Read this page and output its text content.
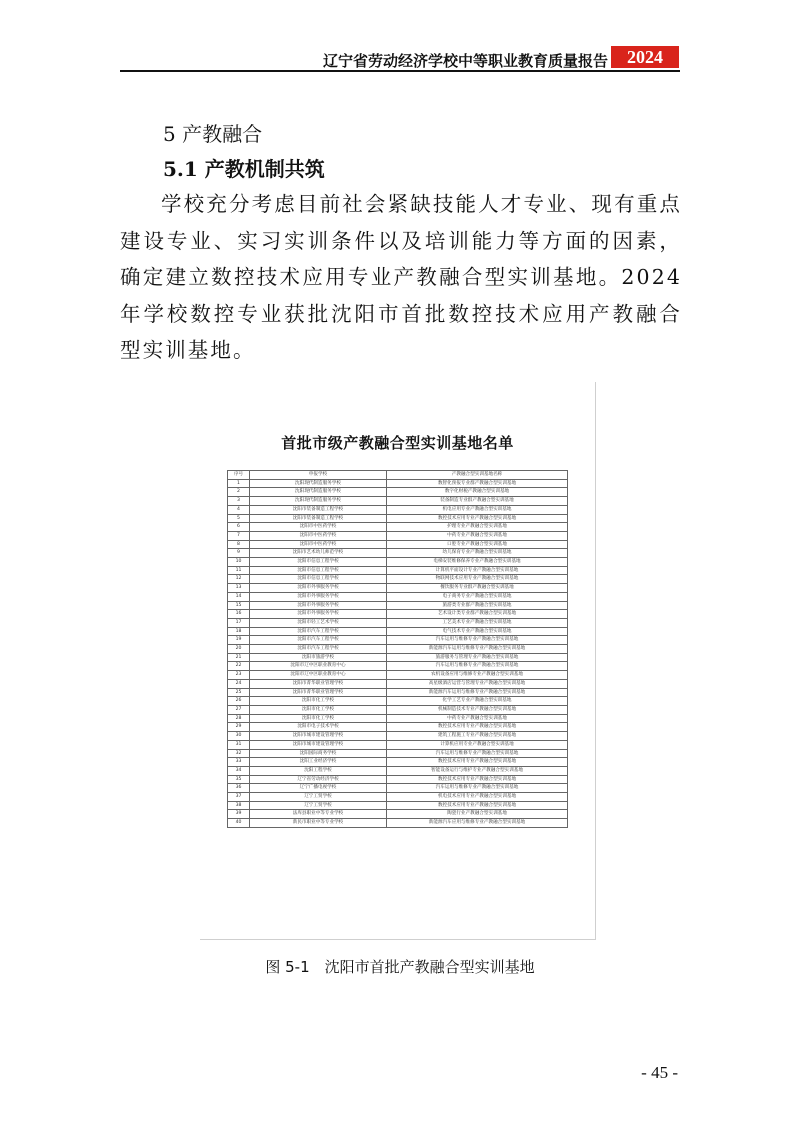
辽宁省劳动经济学校中等职业教育质量报告	2024
5 产教融合
5.1 产教机制共筑
学校充分考虑目前社会紧缺技能人才专业、现有重点建设专业、实习实训条件以及培训能力等方面的因素，确定建立数控技术应用专业产教融合型实训基地。2024 年学校数控专业获批沈阳市首批数控技术应用产教融合型实训基地。
首批市级产教融合型实训基地名单
序号	申报学校	产教融合型实训基地名称
1	沈阳现代制造服务学校	数智化预报专业群产教融合型实训基地
2	沈阳现代制造服务学校	数字化财税产教融合型实训基地
3	沈阳现代制造服务学校	装备制造专业群产教融合型实训基地
4	沈阳市装备制造工程学校	机电应用专业产教融合型实训基地
5	沈阳市装备制造工程学校	数控技术应用专业产教融合型实训基地
6	沈阳市中医药学校	护理专业产教融合型实训基地
7	沈阳市中医药学校	中药专业产教融合型实训基地
8	沈阳市中医药学校	口腔专业产教融合型实训基地
9	沈阳市艺术幼儿师范学校	幼儿保育专业产教融合型实训基地
10	沈阳市信息工程学校	电梯安装维修保养专业产教融合型实训基地
11	沈阳市信息工程学校	计算机平面设计专业产教融合型实训基地
12	沈阳市信息工程学校	物联网技术应用专业产教融合型实训基地
13	沈阳市外事服务学校	餐饮服务专业群产教融合型实训基地
14	沈阳市外事服务学校	电子商务专业产教融合型实训基地
15	沈阳市外事服务学校	旅游类专业群产教融合型实训基地
16	沈阳市外事服务学校	艺术设计类专业群产教融合型实训基地
17	沈阳市轻工艺术学校	工艺美术专业产教融合型实训基地
18	沈阳市汽车工程学校	电气技术专业产教融合型实训基地
19	沈阳市汽车工程学校	汽车运用与维修专业产教融合型实训基地
20	沈阳市汽车工程学校	新能源汽车运用与维修专业产教融合型实训基地
21	沈阳市旅游学校	旅游服务与管理专业产教融合型实训基地
22	沈阳市辽中区职业教育中心	汽车运用与维修专业产教融合型实训基地
23	沈阳市辽中区职业教育中心	农机设备应用与维修专业产教融合型实训基地
24	沈阳市菁华职业管理学校	高星级酒店运营与管理专业产教融合型实训基地
25	沈阳市菁华职业管理学校	新能源汽车运用与维修专业产教融合型实训基地
26	沈阳市化工学校	化学工艺专业产教融合型实训基地
27	沈阳市化工学校	机械制造技术专业产教融合型实训基地
28	沈阳市化工学校	中药专业产教融合型实训基地
29	沈阳市电子技术学校	数控技术应用专业产教融合型实训基地
30	沈阳市城市建设管理学校	建筑工程施工专业产教融合型实训基地
31	沈阳市城市建设管理学校	计算机应用专业产教融合型实训基地
32	沈阳国际商务学校	汽车运用与维修专业产教融合型实训基地
33	沈阳工业经济学校	数控技术应用专业产教融合型实训基地
34	沈阳工程学校	智能设备运行与维护专业产教融合型实训基地
35	辽宁省劳动经济学校	数控技术应用专业产教融合型实训基地
36	辽宁广播电视学校	汽车运用与维修专业产教融合型实训基地
37	辽宁工贸学校	机电技术应用专业产教融合型实训基地
38	辽宁工贸学校	数控技术应用专业产教融合型实训基地
39	法库县职业中等专业学校	陶瓷行业产教融合型实训基地
40	新民市职业中等专业学校	新能源汽车应用与维修专业产教融合型实训基地
图 5-1　沈阳市首批产教融合型实训基地
- 45 -
